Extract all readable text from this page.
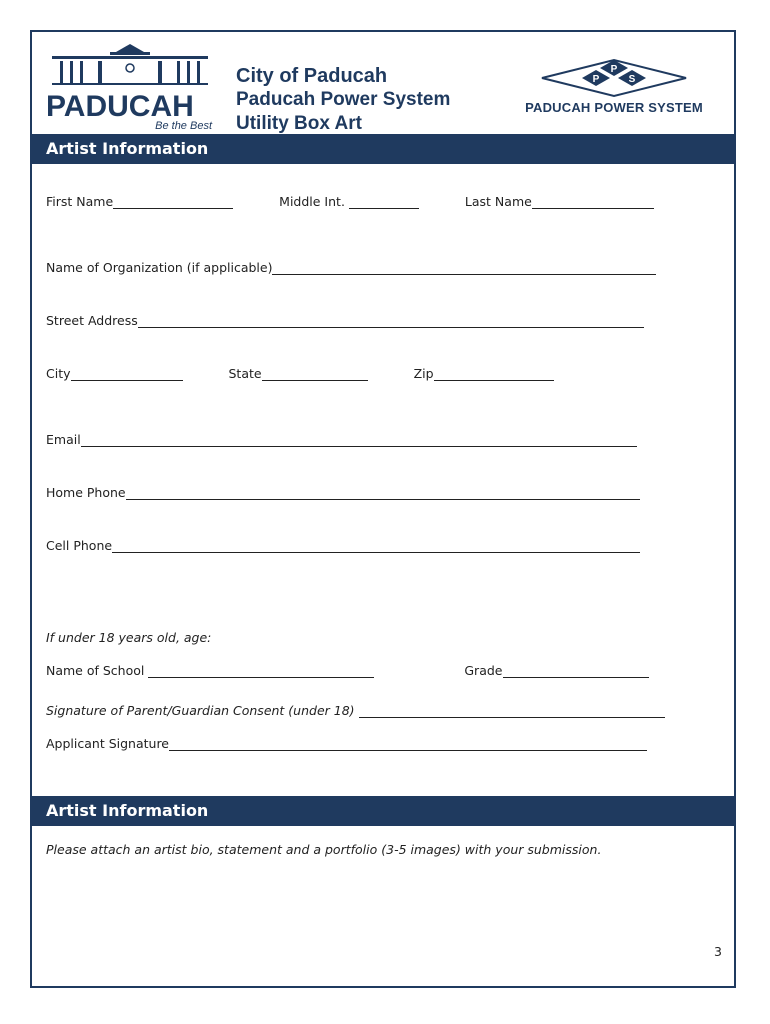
PADUCAH
Be the Best
City of Paducah
Paducah Power System
Utility Box Art
P
P
S
PADUCAH POWER SYSTEM
Artist Information
First Name	Middle Int.	Last Name
Name of Organization (if applicable)
Street Address
City	State	Zip
Email
Home Phone
Cell Phone
If under 18 years old, age:
Name of School	Grade
Signature of Parent/Guardian Consent (under 18)
Applicant Signature
Artist Information
Please attach an artist bio, statement and a portfolio (3-5 images) with your submission.
3
